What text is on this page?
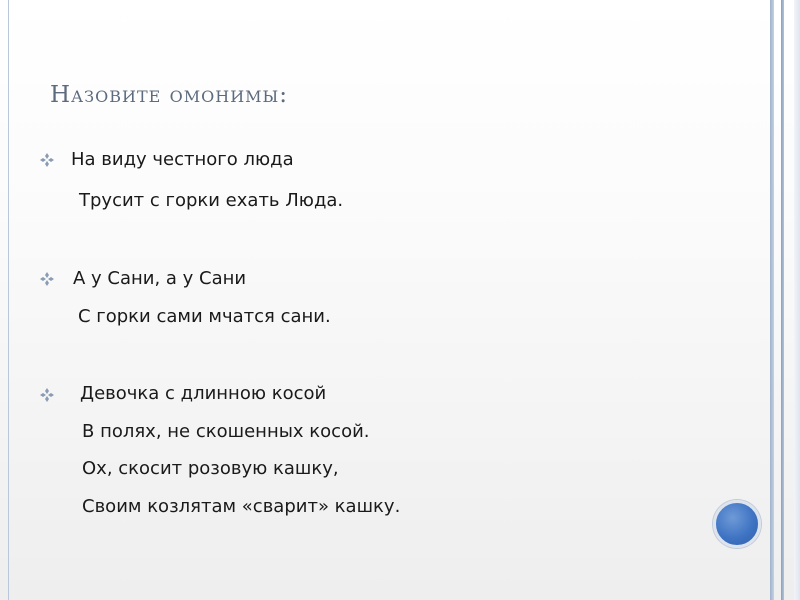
Назовите омонимы:
На виду честного люда
Трусит с горки ехать Люда.
А у Сани, а у Сани
С горки сами мчатся сани.
Девочка с длинною косой
В полях, не скошенных косой.
Ох, скосит розовую кашку,
Своим козлятам «сварит» кашку.
